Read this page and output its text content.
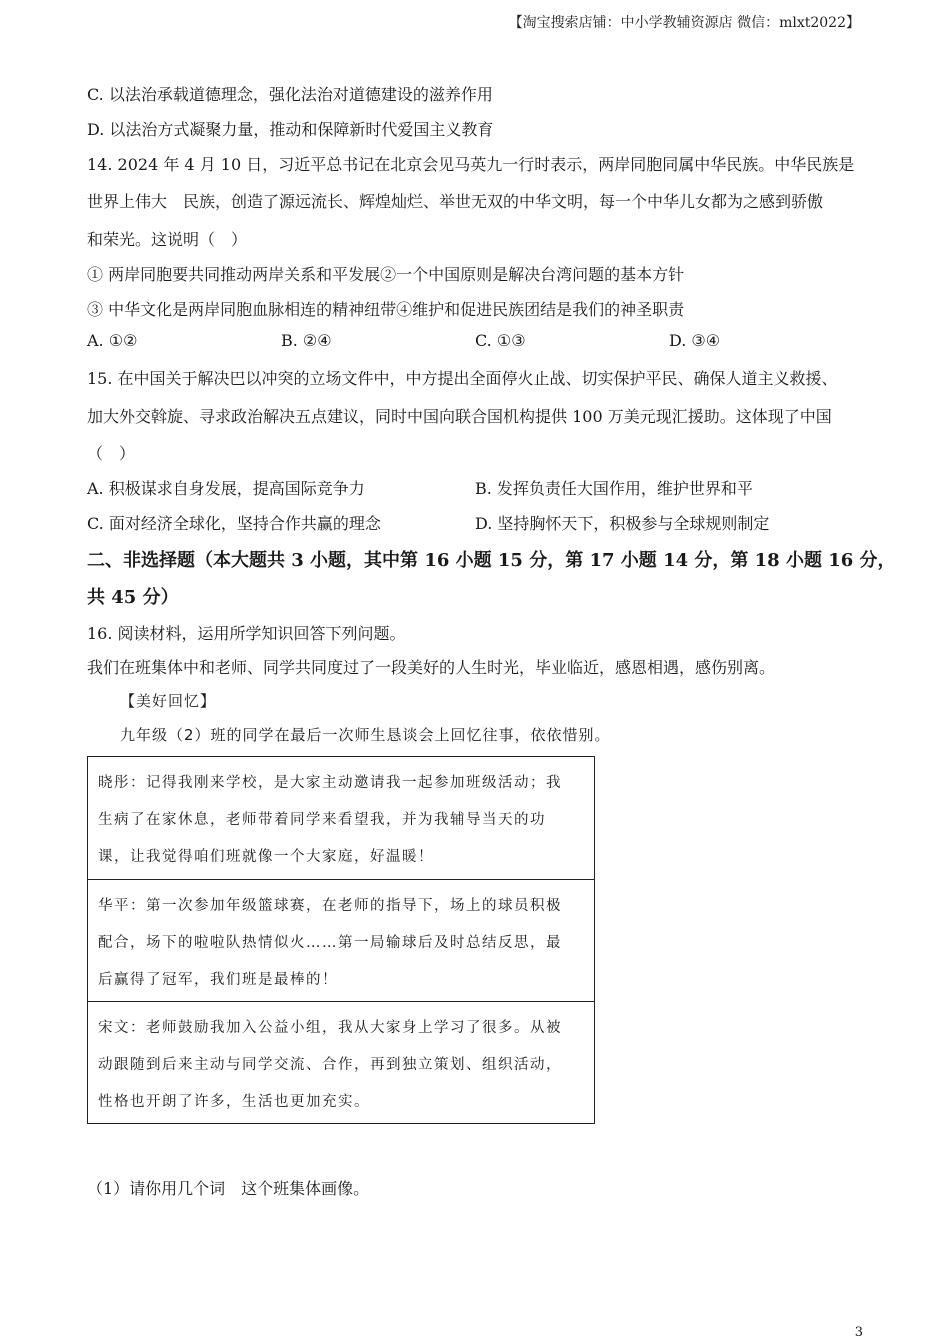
【淘宝搜索店铺：中小学教辅资源店 微信：mlxt2022】
C. 以法治承载道德理念，强化法治对道德建设的滋养作用
D. 以法治方式凝聚力量，推动和保障新时代爱国主义教育
14. 2024 年 4 月 10 日，习近平总书记在北京会见马英九一行时表示，两岸同胞同属中华民族。中华民族是
世界上伟大　民族，创造了源远流长、辉煌灿烂、举世无双的中华文明，每一个中华儿女都为之感到骄傲
和荣光。这说明（　）
① 两岸同胞要共同推动两岸关系和平发展②一个中国原则是解决台湾问题的基本方针
③ 中华文化是两岸同胞血脉相连的精神纽带④维护和促进民族团结是我们的神圣职责
A. ①②	B. ②④	C. ①③	D. ③④
15. 在中国关于解决巴以冲突的立场文件中，中方提出全面停火止战、切实保护平民、确保人道主义救援、
加大外交斡旋、寻求政治解决五点建议，同时中国向联合国机构提供 100 万美元现汇援助。这体现了中国
（　）
A. 积极谋求自身发展，提高国际竞争力	B. 发挥负责任大国作用，维护世界和平
C. 面对经济全球化，坚持合作共赢的理念	D. 坚持胸怀天下，积极参与全球规则制定
二、非选择题（本大题共 3 小题，其中第 16 小题 15 分，第 17 小题 14 分，第 18 小题 16 分，
共 45 分）
16. 阅读材料，运用所学知识回答下列问题。
我们在班集体中和老师、同学共同度过了一段美好的人生时光，毕业临近，感恩相遇，感伤别离。
【美好回忆】
九年级（2）班的同学在最后一次师生恳谈会上回忆往事，依依惜别。
晓彤：记得我刚来学校，是大家主动邀请我一起参加班级活动；我
生病了在家休息，老师带着同学来看望我，并为我辅导当天的功
课，让我觉得咱们班就像一个大家庭，好温暖！
华平：第一次参加年级篮球赛，在老师的指导下，场上的球员积极
配合，场下的啦啦队热情似火……第一局输球后及时总结反思，最
后赢得了冠军，我们班是最棒的！
宋文：老师鼓励我加入公益小组，我从大家身上学习了很多。从被
动跟随到后来主动与同学交流、合作，再到独立策划、组织活动，
性格也开朗了许多，生活也更加充实。
（1）请你用几个词　这个班集体画像。
3
